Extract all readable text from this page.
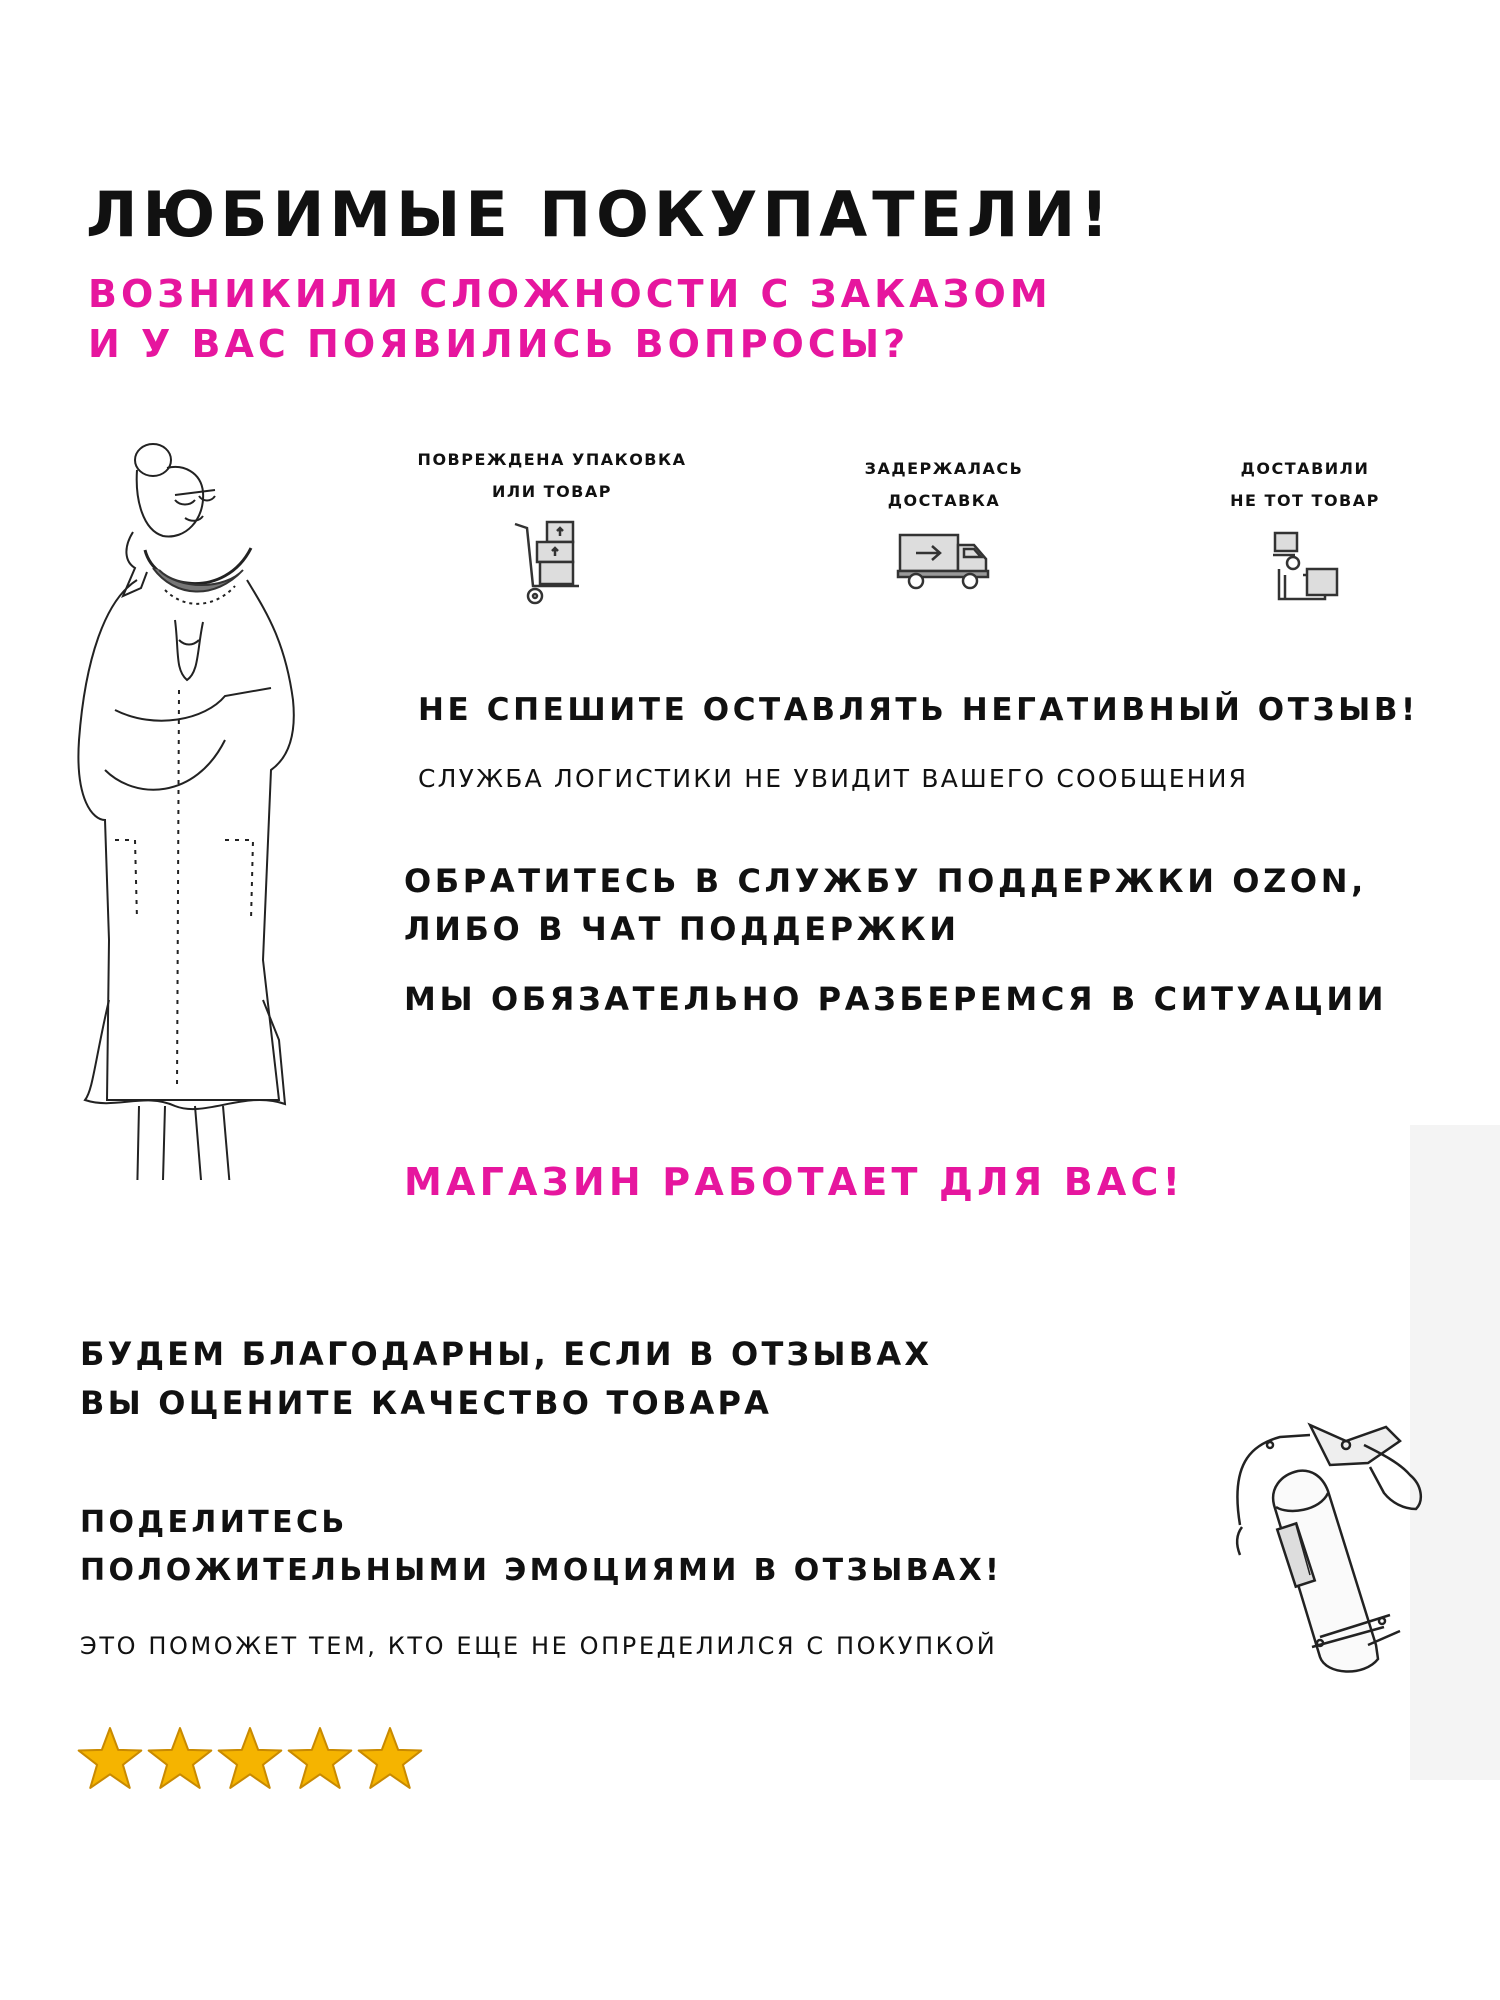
ЛЮБИМЫЕ ПОКУПАТЕЛИ!
ВОЗНИКИЛИ СЛОЖНОСТИ С ЗАКАЗОМ
И У ВАС ПОЯВИЛИСЬ ВОПРОСЫ?
ПОВРЕЖДЕНА УПАКОВКА
ИЛИ ТОВАР
ЗАДЕРЖАЛАСЬ
ДОСТАВКА
ДОСТАВИЛИ
НЕ ТОТ ТОВАР
НЕ СПЕШИТЕ ОСТАВЛЯТЬ НЕГАТИВНЫЙ ОТЗЫВ!
СЛУЖБА ЛОГИСТИКИ НЕ УВИДИТ ВАШЕГО СООБЩЕНИЯ
ОБРАТИТЕСЬ В СЛУЖБУ ПОДДЕРЖКИ OZON,
ЛИБО В ЧАТ ПОДДЕРЖКИ
МЫ ОБЯЗАТЕЛЬНО РАЗБЕРЕМСЯ В СИТУАЦИИ
МАГАЗИН РАБОТАЕТ ДЛЯ ВАС!
БУДЕМ БЛАГОДАРНЫ, ЕСЛИ В ОТЗЫВАХ
ВЫ ОЦЕНИТЕ КАЧЕСТВО ТОВАРА
ПОДЕЛИТЕСЬ
ПОЛОЖИТЕЛЬНЫМИ ЭМОЦИЯМИ В ОТЗЫВАХ!
ЭТО ПОМОЖЕТ ТЕМ, КТО ЕЩЕ НЕ ОПРЕДЕЛИЛСЯ С ПОКУПКОЙ
